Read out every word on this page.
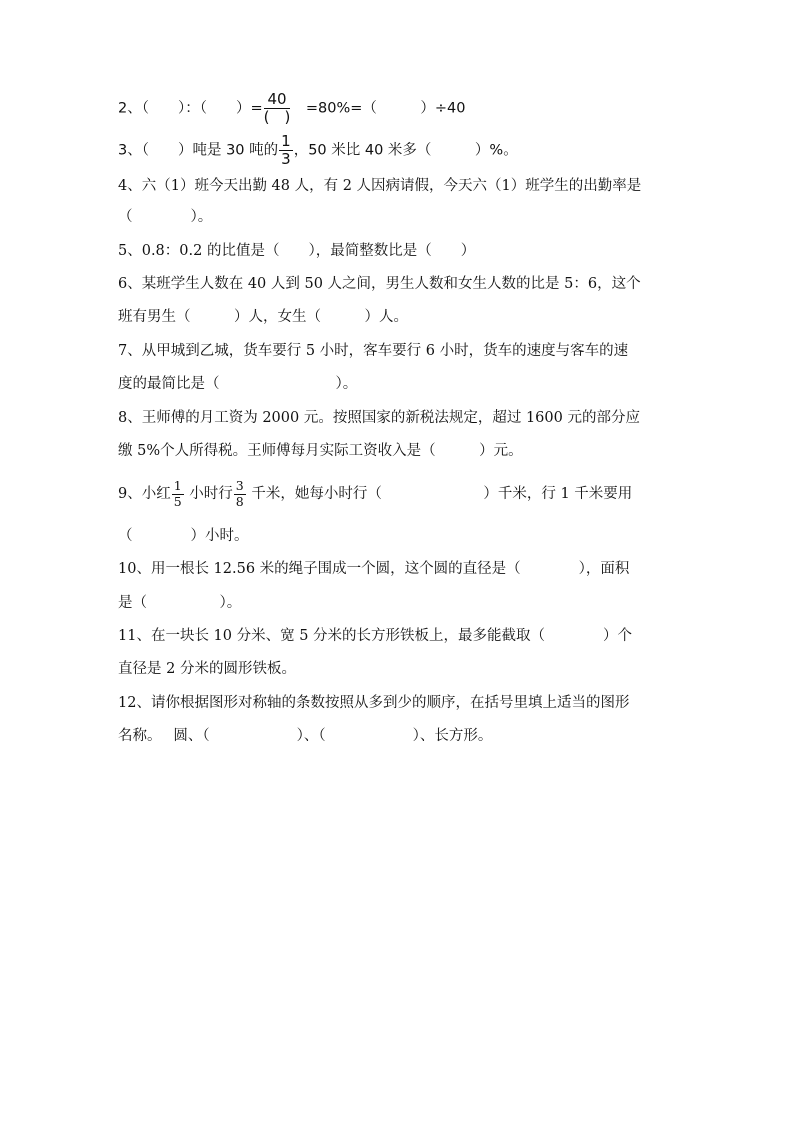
2、（　　）：（　　）= $\frac{40}{( )}$ 　=80%=（　　　）÷40
3、（　　）吨是 30 吨的 $\frac{1}{3}$ ，50 米比 40 米多（　　　）%。
4、六（1）班今天出勤 48 人，有 2 人因病请假，今天六（1）班学生的出勤率是
（　　　　）。
5、0.8：0.2 的比值是（　　），最简整数比是（　　）
6、某班学生人数在 40 人到 50 人之间，男生人数和女生人数的比是 5：6，这个
班有男生（　　　）人，女生（　　　）人。
7、从甲城到乙城，货车要行 5 小时，客车要行 6 小时，货车的速度与客车的速
度的最简比是（　　　　　　　　）。
8、王师傅的月工资为 2000 元。按照国家的新税法规定，超过 1600 元的部分应
缴 5%个人所得税。王师傅每月实际工资收入是（　　　）元。
9、小红 $\frac{1}{5}$ 小时行 $\frac{3}{8}$ 千米，她每小时行（　　　　　　　）千米，行 1 千米要用
（　　　　）小时。
10、用一根长 12.56 米的绳子围成一个圆，这个圆的直径是（　　　　），面积
是（　　　　　）。
11、在一块长 10 分米、宽 5 分米的长方形铁板上，最多能截取（　　　　）个
直径是 2 分米的圆形铁板。
12、请你根据图形对称轴的条数按照从多到少的顺序，在括号里填上适当的图形
名称。　 圆、（　　　　　　）、（　　　　　　）、长方形。
